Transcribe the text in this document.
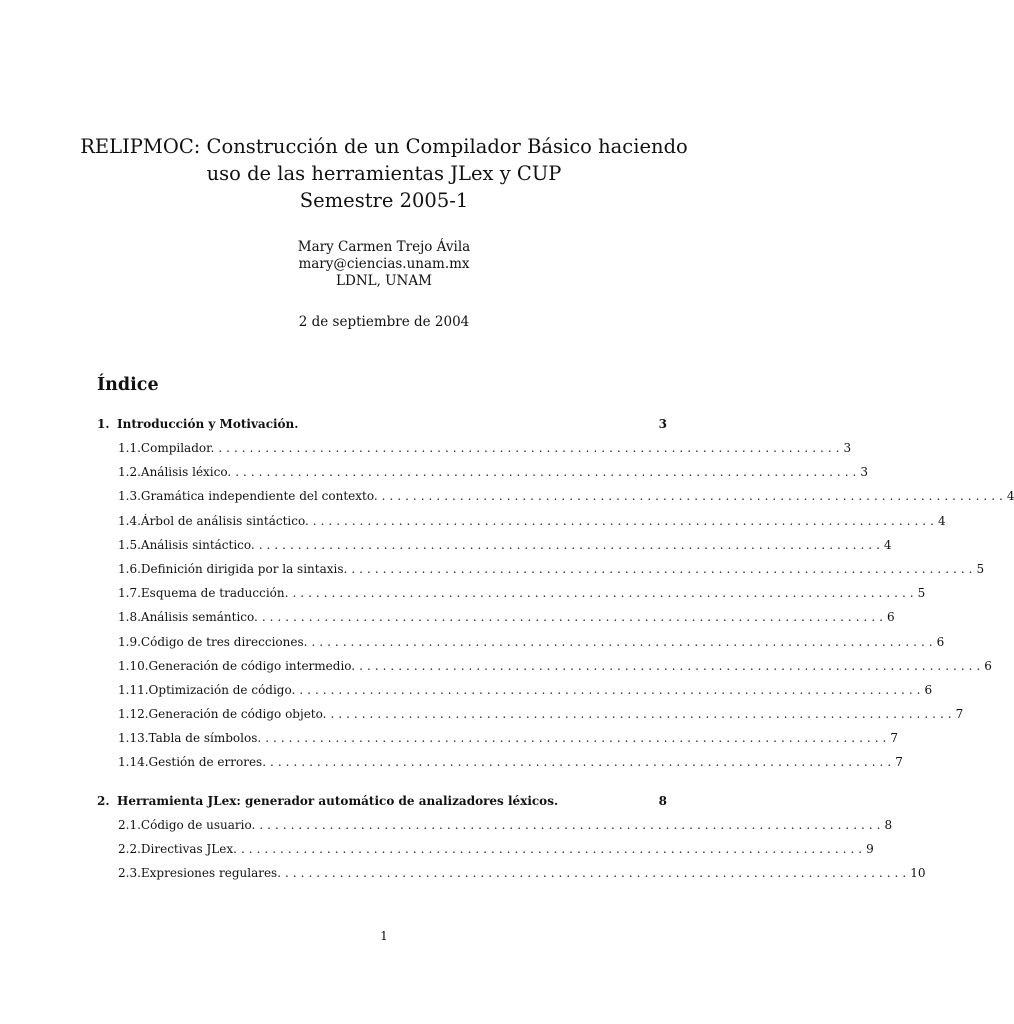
RELIPMOC: Construcción de un Compilador Básico haciendo
uso de las herramientas JLex y CUP
Semestre 2005-1
Mary Carmen Trejo Ávila
mary@ciencias.unam.mx
LDNL, UNAM
2 de septiembre de 2004
Índice
1. Introducción y Motivación.	3
1.1. Compilador. ................................................................................ 3
1.2. Análisis léxico. ................................................................................ 3
1.3. Gramática independiente del contexto. ................................................................................ 4
1.4. Árbol de análisis sintáctico. ................................................................................ 4
1.5. Análisis sintáctico. ................................................................................ 4
1.6. Definición dirigida por la sintaxis. ................................................................................ 5
1.7. Esquema de traducción. ................................................................................ 5
1.8. Análisis semántico. ................................................................................ 6
1.9. Código de tres direcciones. ................................................................................ 6
1.10. Generación de código intermedio. ................................................................................ 6
1.11. Optimización de código. ................................................................................ 6
1.12. Generación de código objeto. ................................................................................ 7
1.13. Tabla de símbolos. ................................................................................ 7
1.14. Gestión de errores. ................................................................................ 7
2. Herramienta JLex: generador automático de analizadores léxicos.	8
2.1. Código de usuario. ................................................................................ 8
2.2. Directivas JLex. ................................................................................ 9
2.3. Expresiones regulares. ................................................................................ 10
1
